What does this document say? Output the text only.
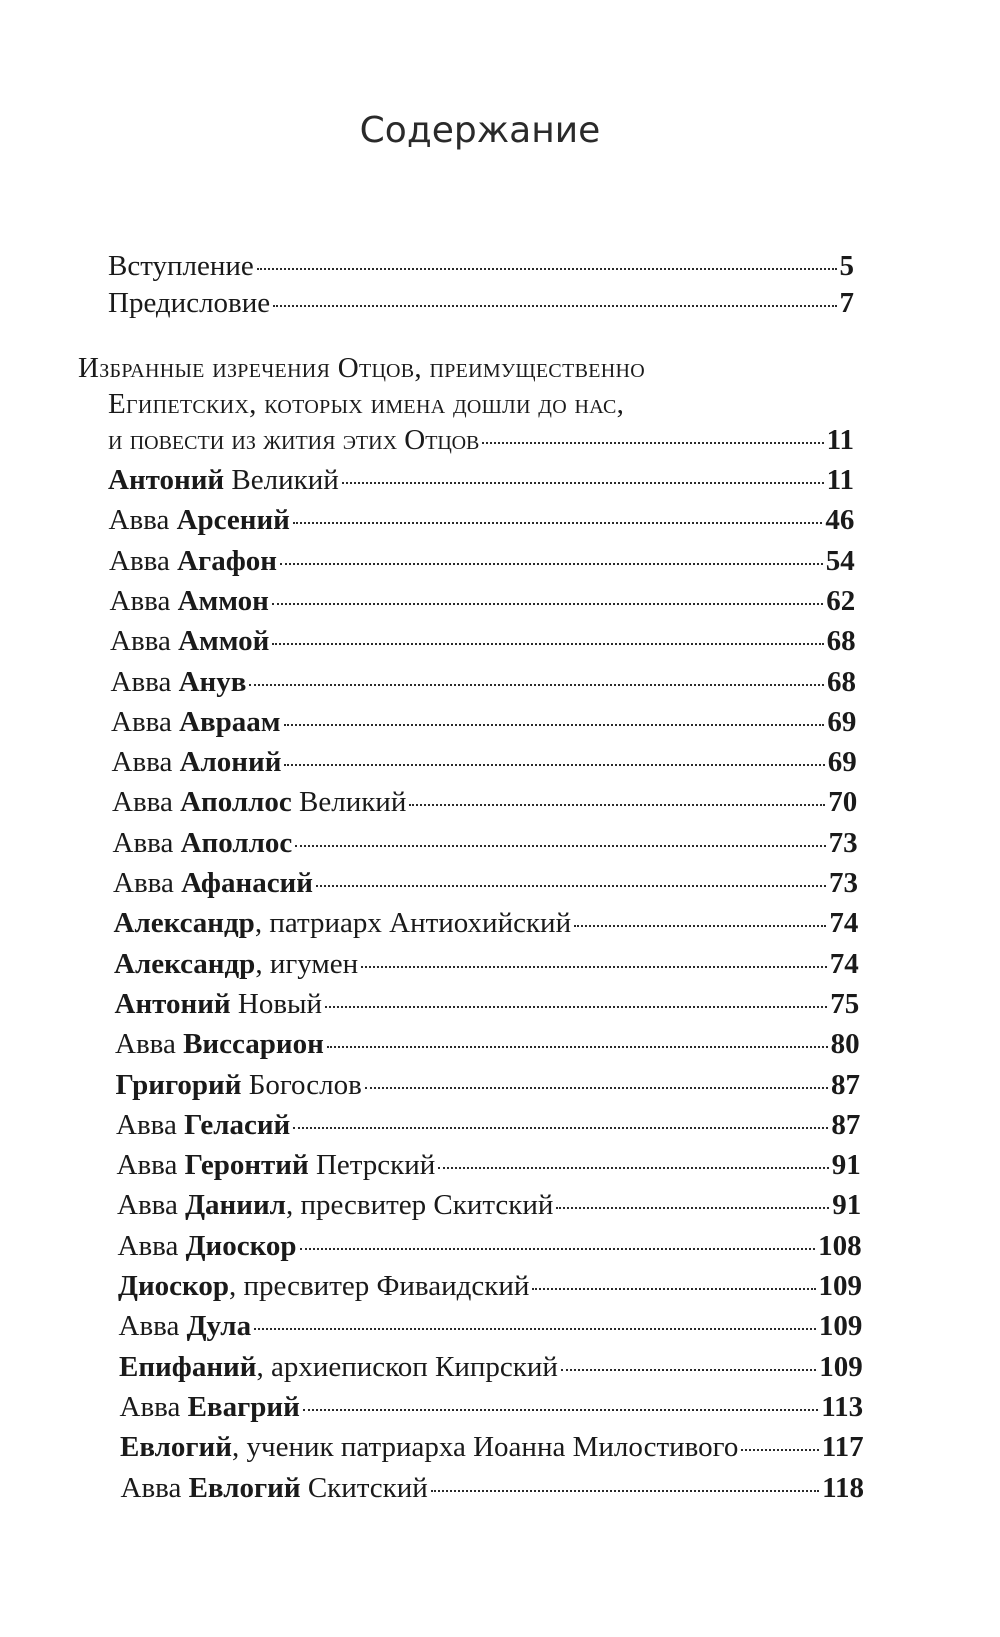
Содержание
Вступление	5
Предисловие	7
Избранные изречения Отцов, преимущественно
Египетских, которых имена дошли до нас,
и повести из жития этих Отцов	11
Антоний Великий	11
Авва Арсений	46
Авва Агафон	54
Авва Аммон	62
Авва Аммой	68
Авва Анув	68
Авва Авраам	69
Авва Алоний	69
Авва Аполлос Великий	70
Авва Аполлос	73
Авва Афанасий	73
Александр, патриарх Антиохийский	74
Александр, игумен	74
Антоний Новый	75
Авва Виссарион	80
Григорий Богослов	87
Авва Геласий	87
Авва Геронтий Петрский	91
Авва Даниил, пресвитер Скитский	91
Авва Диоскор	108
Диоскор, пресвитер Фиваидский	109
Авва Дула	109
Епифаний, архиепископ Кипрский	109
Авва Евагрий	113
Евлогий, ученик патриарха Иоанна Милостивого	117
Авва Евлогий Скитский	118
